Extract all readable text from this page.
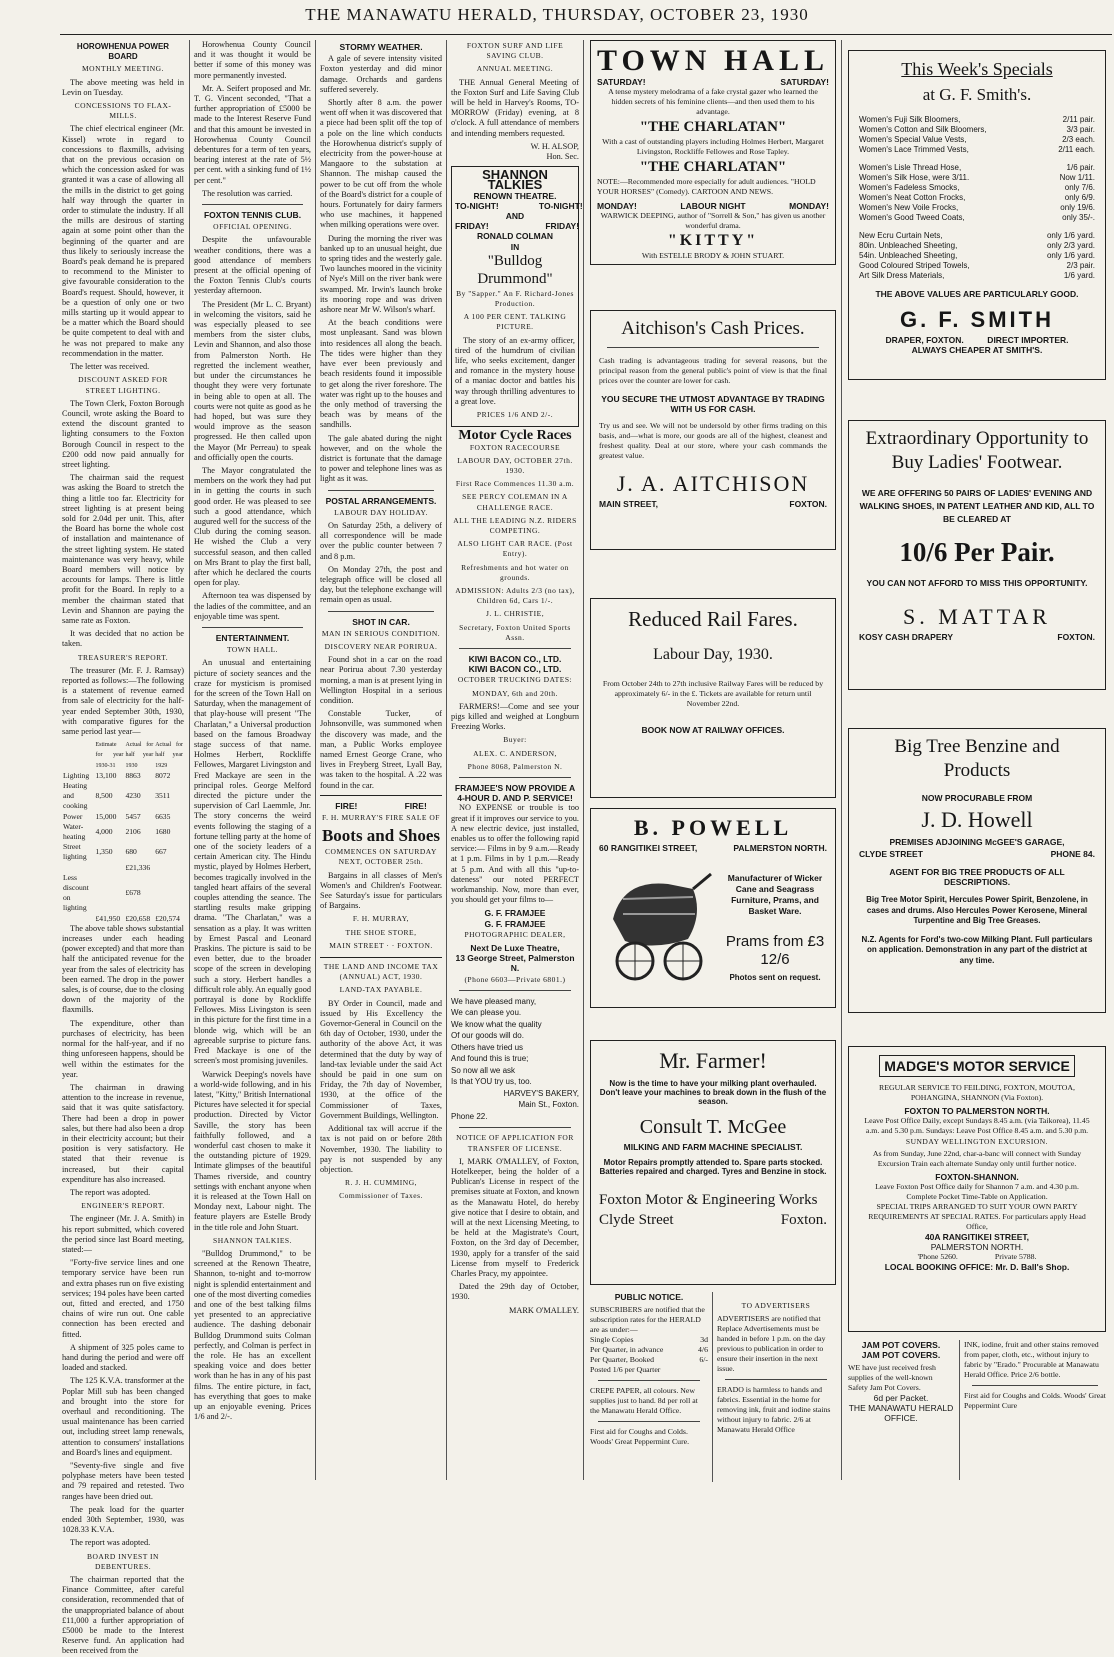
THE MANAWATU HERALD, THURSDAY, OCTOBER 23, 1930
HOROWHENUA POWER BOARD
MONTHLY MEETING.

The above meeting was held in Levin on Tuesday.

CONCESSIONS TO FLAX-MILLS.

The chief electrical engineer (Mr. Kissel) wrote in regard to concessions to flaxmills, advising that on the previous occasion on which the concession asked for was granted it was a case of allowing all the mills in the district to get going half way through the quarter in order to stimulate the industry. If all the mills are desirous of starting again at some point other than the beginning of the quarter and are thus likely to seriously increase the Board's peak demand he is prepared to recommend to the Minister to give favourable consideration to the Board's request. Should, however, it be a question of only one or two mills starting up it would appear to be a matter which the Board should be quite competent to deal with and he was not prepared to make any recommendation in the matter.

The letter was received.

DISCOUNT ASKED FOR STREET LIGHTING.

The Town Clerk, Foxton Borough Council, wrote asking the Board to extend the discount granted to lighting consumers to the Foxton Borough Council in respect to the £200 odd now paid annually for street lighting.

The chairman said the request was asking the Board to stretch the thing a little too far. Electricity for street lighting is at present being sold for 2.04d per unit. This, after the Board has borne the whole cost of installation and maintenance of the street lighting system. He stated maintenance was very heavy, while Board members will notice by accounts for lamps. There is little profit for the Board. In reply to a member the chairman stated that Levin and Shannon are paying the same rate as Foxton.

It was decided that no action be taken.

TREASURER'S REPORT.

The treasurer (Mr. F. J. Ramsay) reported as follows:—The following is a statement of revenue earned from sale of electricity for the half-year ended September 30th, 1930, with comparative figures for the same period last year—

	Estimate for year 1930-31	Actual for half year 1930	Actual for half year 1929
Lighting	13,100	8863	8072
Heating and cooking	8,500	4230	3511
Power	15,000	5457	6635
Water-heating	4,000	2106	1680
Street lighting	1,350	680	667
		£21,336	
Less discount on lighting		£678	
	£41,950	£20,658	£20,574

The above table shows substantial increases under each heading (power excepted) and that more than half the anticipated revenue for the year from the sales of electricity has been earned. The drop in the power sales, is of course, due to the closing down of the majority of the flaxmills.

The expenditure, other than purchases of electricity, has been normal for the half-year, and if no thing unforeseen happens, should be well within the estimates for the year.

The chairman in drawing attention to the increase in revenue, said that it was quite satisfactory. There had been a drop in power sales, but there had also been a drop in their electricity account; but their position is very satisfactory. He stated that their revenue is increased, but their capital expenditure has also increased.

The report was adopted.

ENGINEER'S REPORT.

The engineer (Mr. J. A. Smith) in his report submitted, which covered the period since last Board meeting, stated:—

"Forty-five service lines and one temporary service have been run and extra phases run on five existing services; 194 poles have been carted out, fitted and erected, and 1750 chains of wire run out. One cable connection has been erected and fitted.

A shipment of 325 poles came to hand during the period and were off loaded and stacked.

The 125 K.V.A. transformer at the Poplar Mill sub has been changed and brought into the store for overhaul and reconditioning. The usual maintenance has been carried out, including street lamp renewals, attention to consumers' installations and Board's lines and equipment.

"Seventy-five single and five polyphase meters have been tested and 79 repaired and retested. Two ranges have been dried out.

The peak load for the quarter ended 30th September, 1930, was 1028.33 K.V.A.

The report was adopted.

BOARD INVEST IN DEBENTURES.

The chairman reported that the Finance Committee, after careful consideration, recommended that of the unappropriated balance of about £11,000 a further appropriation of £5000 be made to the Interest Reserve fund. An application had been received from the

Horowhenua County Council and it was thought it would be better if some of this money was more permanently invested.

Mr. A. Seifert proposed and Mr. T. G. Vincent seconded, "That a further appropriation of £5000 be made to the Interest Reserve Fund and that this amount be invested in Horowhenua County Council debentures for a term of ten years, bearing interest at the rate of 5½ per cent. with a sinking fund of 1½ per cent."

The resolution was carried.

FOXTON TENNIS CLUB.
OFFICIAL OPENING.

Despite the unfavourable weather conditions, there was a good attendance of members present at the official opening of the Foxton Tennis Club's courts yesterday afternoon.

The President (Mr L. C. Bryant) in welcoming the visitors, said he was especially pleased to see members from the sister clubs, Levin and Shannon, and also those from Palmerston North. He regretted the inclement weather, but under the circumstances he thought they were very fortunate in being able to open at all. The courts were not quite as good as he had hoped, but was sure they would improve as the season progressed. He then called upon the Mayor (Mr Perreau) to speak and officially open the courts.

The Mayor congratulated the members on the work they had put in in getting the courts in such good order. He was pleased to see such a good attendance, which augured well for the success of the Club during the coming season. He wished the Club a very successful season, and then called on Mrs Brant to play the first ball, after which he declared the courts open for play.

Afternoon tea was dispensed by the ladies of the committee, and an enjoyable time was spent.

ENTERTAINMENT.
TOWN HALL.

An unusual and entertaining picture of society seances and the craze for mysticism is promised for the screen of the Town Hall on Saturday, when the management of that play-house will present "The Charlatan," a Universal production based on the famous Broadway stage success of that name. Holmes Herbert, Rockliffe Fellowes, Margaret Livingston and Fred Mackaye are seen in the principal roles. George Melford directed the picture under the supervision of Carl Laemmle, Jnr. The story concerns the weird events following the staging of a fortune telling party at the home of one of the society leaders of a certain American city. The Hindu mystic, played by Holmes Herbert, becomes tragically involved in the tangled heart affairs of the several couples attending the seance. The startling results make gripping drama. "The Charlatan," was a sensation as a play. It was written by Ernest Pascal and Leonard Praskins. The picture is said to be even better, due to the broader scope of the screen in developing such a story. Herbert handles a difficult role ably. An equally good portrayal is done by Rockliffe Fellowes. Miss Livingston is seen in this picture for the first time in a blonde wig, which will be an agreeable surprise to picture fans. Fred Mackaye is one of the screen's most promising juveniles.

Warwick Deeping's novels have a world-wide following, and in his latest, "Kitty," British International Pictures have selected it for special production. Directed by Victor Saville, the story has been faithfully followed, and a wonderful cast chosen to make it the outstanding picture of 1929. Intimate glimpses of the beautiful Thames riverside, and country settings with enchant anyone when it is released at the Town Hall on Monday next, Labour night. The feature players are Estelle Brody in the title role and John Stuart.

SHANNON TALKIES.

"Bulldog Drummond," to be screened at the Renown Theatre, Shannon, to-night and to-morrow night is splendid entertainment and one of the most diverting comedies and one of the best talking films yet presented to an appreciative audience. The dashing debonair Bulldog Drummond suits Colman perfectly, and Colman is perfect in the role. He has an excellent speaking voice and does better work than he has in any of his past films. The entire picture, in fact, has everything that goes to make up an enjoyable evening. Prices 1/6 and 2/-.

STORMY WEATHER.

A gale of severe intensity visited Foxton yesterday and did minor damage. Orchards and gardens suffered severely.

Shortly after 8 a.m. the power went off when it was discovered that a piece had been split off the top of a pole on the line which conducts the Horowhenua district's supply of electricity from the power-house at Mangaore to the substation at Shannon. The mishap caused the power to be cut off from the whole of the Board's district for a couple of hours. Fortunately for dairy farmers who use machines, it happened when milking operations were over.

During the morning the river was banked up to an unusual height, due to spring tides and the westerly gale. Two launches moored in the vicinity of Nye's Mill on the river bank were swamped. Mr. Irwin's launch broke its mooring rope and was driven ashore near Mr W. Wilson's wharf.

At the beach conditions were most unpleasant. Sand was blown into residences all along the beach. The tides were higher than they have ever been previously and beach residents found it impossible to get along the river foreshore. The water was right up to the houses and the only method of traversing the beach was by means of the sandhills.

The gale abated during the night however, and on the whole the district is fortunate that the damage to power and telephone lines was as light as it was.

POSTAL ARRANGEMENTS.
LABOUR DAY HOLIDAY.

On Saturday 25th, a delivery of all correspondence will be made over the public counter between 7 and 8 p.m.

On Monday 27th, the post and telegraph office will be closed all day, but the telephone exchange will remain open as usual.

SHOT IN CAR.
MAN IN SERIOUS CONDITION.
DISCOVERY NEAR PORIRUA.

Found shot in a car on the road near Porirua about 7.30 yesterday morning, a man is at present lying in Wellington Hospital in a serious condition.

Constable Tucker, of Johnsonville, was summoned when the discovery was made, and the man, a Public Works employee named Ernest George Crane, who lives in Freyberg Street, Lyall Bay, was taken to the hospital. A .22 was found in the car.

FIRE!                    FIRE!
F. H. MURRAY'S FIRE SALE OF
Boots and Shoes
COMMENCES ON SATURDAY NEXT, OCTOBER 25th.

Bargains in all classes of Men's Women's and Children's Footwear. See Saturday's issue for particulars of Bargains.

F. H. MURRAY,
THE SHOE STORE,
MAIN STREET · · FOXTON.
THE LAND AND INCOME TAX (ANNUAL) ACT, 1930.
LAND-TAX PAYABLE.

BY Order in Council, made and issued by His Excellency the Governor-General in Council on the 6th day of October, 1930, under the authority of the above Act, it was determined that the duty by way of land-tax leviable under the said Act should be paid in one sum on Friday, the 7th day of November, 1930, at the office of the Commissioner of Taxes, Government Buildings, Wellington.

Additional tax will accrue if the tax is not paid on or before 28th November, 1930. The liability to pay is not suspended by any objection.

R. J. H. CUMMING,
Commissioner of Taxes.
FOXTON SURF AND LIFE SAVING CLUB.
ANNUAL MEETING.

THE Annual General Meeting of the Foxton Surf and Life Saving Club will be held in Harvey's Rooms, TO-MORROW (Friday) evening, at 8 o'clock. A full attendance of members and intending members requested.

W. H. ALSOP,
Hon. Sec.
SHANNON TALKIES
RENOWN THEATRE.
TO-NIGHT!                 TO-NIGHT!
AND
FRIDAY!                        FRIDAY!
RONALD COLMAN
IN
"Bulldog Drummond"
By "Sapper." An F. Richard-Jones Production.
A 100 PER CENT. TALKING PICTURE.

The story of an ex-army officer, tired of the humdrum of civilian life, who seeks excitement, danger and romance in the mystery house of a maniac doctor and battles his way through thrilling adventures to a great love.

PRICES 1/6 AND 2/-.
Motor Cycle Races
FOXTON RACECOURSE
LABOUR DAY, OCTOBER 27th. 1930.
First Race Commences 11.30 a.m.
SEE PERCY COLEMAN IN A CHALLENGE RACE.
ALL THE LEADING N.Z. RIDERS COMPETING.
ALSO LIGHT CAR RACE. (Post Entry).
Refreshments and hot water on grounds.
ADMISSION: Adults 2/3 (no tax), Children 6d, Cars 1/-.
J. L. CHRISTIE,
Secretary, Foxton United Sports Assn.
KIWI BACON CO., LTD.
KIWI BACON CO., LTD.
OCTOBER TRUCKING DATES:
MONDAY, 6th and 20th.

FARMERS!—Come and see your pigs killed and weighed at Longburn Freezing Works.

Buyer:
ALEX. C. ANDERSON,
Phone 8068, Palmerston N.
FRAMJEE'S NOW PROVIDE A 4-HOUR D. AND P. SERVICE!

NO EXPENSE or trouble is too great if it improves our service to you. A new electric device, just installed, enables us to offer the following rapid service:— Films in by 9 a.m.—Ready at 1 p.m. Films in by 1 p.m.—Ready at 5 p.m. And with all this "up-to-dateness" our noted PERFECT workmanship. Now, more than ever, you should get your films to—

G. F. FRAMJEE
G. F. FRAMJEE
PHOTOGRAPHIC DEALER,
Next De Luxe Theatre,
13 George Street, Palmerston N.
(Phone 6603—Private 6801.)
We have pleased many,
We can please you.
We know what the quality
Of our goods will do.
Others have tried us
And found this is true;
So now all we ask
Is that YOU try us, too.
HARVEY'S BAKERY,
Main St., Foxton.
Phone 22.
NOTICE OF APPLICATION FOR TRANSFER OF LICENSE.

I, MARK O'MALLEY, of Foxton, Hotelkeeper, being the holder of a Publican's License in respect of the premises situate at Foxton, and known as the Manawatu Hotel, do hereby give notice that I desire to obtain, and will at the next Licensing Meeting, to be held at the Magistrate's Court, Foxton, on the 3rd day of December, 1930, apply for a transfer of the said License from myself to Frederick Charles Pracy, my appointee.

Dated the 29th day of October, 1930.

MARK O'MALLEY.
TOWN HALL
SATURDAY!	SATURDAY!
A tense mystery melodrama of a fake crystal gazer who learned the hidden secrets of his feminine clients—and then used them to his advantage.
"THE CHARLATAN"
With a cast of outstanding players including Holmes Herbert, Margaret Livingston, Rockliffe Fellowes and Rose Tapley.
"THE CHARLATAN"
NOTE:—Recommended more especially for adult audiences. "HOLD YOUR HORSES" (Comedy). CARTOON AND NEWS.
MONDAY!	LABOUR NIGHT	MONDAY!
WARWICK DEEPING, author of "Sorrell & Son," has given us another wonderful drama.
"KITTY"
With ESTELLE BRODY & JOHN STUART.
Aitchison's Cash Prices.

Cash trading is advantageous trading for several reasons, but the principal reason from the general public's point of view is that the final prices over the counter are lower for cash.

YOU SECURE THE UTMOST ADVANTAGE BY TRADING WITH US FOR CASH.

Try us and see. We will not be undersold by other firms trading on this basis, and—what is more, our goods are all of the highest, cleanest and freshest quality. Deal at our store, where your cash commands the greatest value.

J. A. AITCHISON
MAIN STREET,	FOXTON.
Reduced Rail Fares.
Labour Day, 1930.

From October 24th to 27th inclusive Railway Fares will be reduced by approximately 6/- in the £. Tickets are available for return until November 22nd.

BOOK NOW AT RAILWAY OFFICES.
B. POWELL
60 RANGITIKEI STREET,	PALMERSTON NORTH.
Manufacturer of Wicker Cane and Seagrass Furniture, Prams, and Basket Ware.
Prams from £3 12/6
Photos sent on request.
Mr. Farmer!
Now is the time to have your milking plant overhauled. Don't leave your machines to break down in the flush of the season.
Consult T. McGee
MILKING AND FARM MACHINE SPECIALIST.
Motor Repairs promptly attended to. Spare parts stocked. Batteries repaired and charged. Tyres and Benzine in stock.
Foxton Motor & Engineering Works
Clyde Street	Foxton.
PUBLIC NOTICE.
SUBSCRIBERS are notified that the subscription rates for the HERALD are as under:—
Single Copies	3d
Per Quarter, in advance	4/6
Per Quarter, Booked	6/-
Posted 1/6 per Quarter
CREPE PAPER, all colours. New supplies just to hand. 8d per roll at the Manawatu Herald Office.
First aid for Coughs and Colds. Woods' Great Peppermint Cure.
TO ADVERTISERS
ADVERTISERS are notified that Replace Advertisements must be handed in before 1 p.m. on the day previous to publication in order to ensure their insertion in the next issue.
ERADO is harmless to hands and fabrics. Essential in the home for removing ink, fruit and iodine stains without injury to fabric. 2/6 at Manawatu Herald Office
This Week's Specials
at G. F. Smith's.
Women's Fuji Silk Bloomers,	2/11 pair.
Women's Cotton and Silk Bloomers,	3/3 pair.
Women's Special Value Vests,	2/3 each.
Women's Lace Trimmed Vests,	2/11 each.
Women's Lisle Thread Hose,	1/6 pair.
Women's Silk Hose, were 3/11.	Now 1/11.
Women's Fadeless Smocks,	only 7/6.
Women's Neat Cotton Frocks,	only 6/9.
Women's New Voile Frocks,	only 19/6.
Women's Good Tweed Coats,	only 35/-.
New Ecru Curtain Nets,	only 1/6 yard.
80in. Unbleached Sheeting,	only 2/3 yard.
54in. Unbleached Sheeting,	only 1/6 yard.
Good Coloured Striped Towels,	2/3 pair.
Art Silk Dress Materials,	1/6 yard.
THE ABOVE VALUES ARE PARTICULARLY GOOD.
G. F. SMITH
DRAPER, FOXTON.          DIRECT IMPORTER.
ALWAYS CHEAPER AT SMITH'S.
Extraordinary Opportunity to Buy Ladies' Footwear.
WE ARE OFFERING 50 PAIRS OF LADIES' EVENING AND WALKING SHOES, IN PATENT LEATHER AND KID, ALL TO BE CLEARED AT
10/6 Per Pair.
YOU CAN NOT AFFORD TO MISS THIS OPPORTUNITY.
S. MATTAR
KOSY CASH DRAPERY	FOXTON.
Big Tree Benzine and Products
NOW PROCURABLE FROM
J. D. Howell
PREMISES ADJOINING McGEE'S GARAGE,
CLYDE STREET	PHONE 84.
AGENT FOR BIG TREE PRODUCTS OF ALL DESCRIPTIONS.
Big Tree Motor Spirit, Hercules Power Spirit, Benzolene, in cases and drums. Also Hercules Power Kerosene, Mineral Turpentine and Big Tree Greases.
N.Z. Agents for Ford's two-cow Milking Plant. Full particulars on application. Demonstration in any part of the district at any time.
MADGE'S MOTOR SERVICE
REGULAR SERVICE TO FEILDING, FOXTON, MOUTOA, POHANGINA, SHANNON (Via Foxton).
FOXTON TO PALMERSTON NORTH.
Leave Post Office Daily, except Sundays 8.45 a.m. (via Taikorea), 11.45 a.m. and 5.30 p.m. Sundays: Leave Post Office 8.45 a.m. and 5.30 p.m.
SUNDAY WELLINGTON EXCURSION.
As from Sunday, June 22nd, char-a-banc will connect with Sunday Excursion Train each alternate Sunday only until further notice.
FOXTON-SHANNON.
Leave Foxton Post Office daily for Shannon 7 a.m. and 4.30 p.m.
Complete Pocket Time-Table on Application.
SPECIAL TRIPS ARRANGED TO SUIT YOUR OWN PARTY REQUIREMENTS AT SPECIAL RATES. For particulars apply Head Office,
40A RANGITIKEI STREET,
PALMERSTON NORTH.
'Phone 5260.                   Private 5788.
LOCAL BOOKING OFFICE: Mr. D. Ball's Shop.
JAM POT COVERS.
JAM POT COVERS.
WE have just received fresh supplies of the well-known Safety Jam Pot Covers.
6d per Packet.
THE MANAWATU HERALD OFFICE.
INK, iodine, fruit and other stains removed from paper, cloth, etc., without injury to fabric by "Erado." Procurable at Manawatu Herald Office. Price 2/6 bottle.
First aid for Coughs and Colds. Woods' Great Peppermint Cure
